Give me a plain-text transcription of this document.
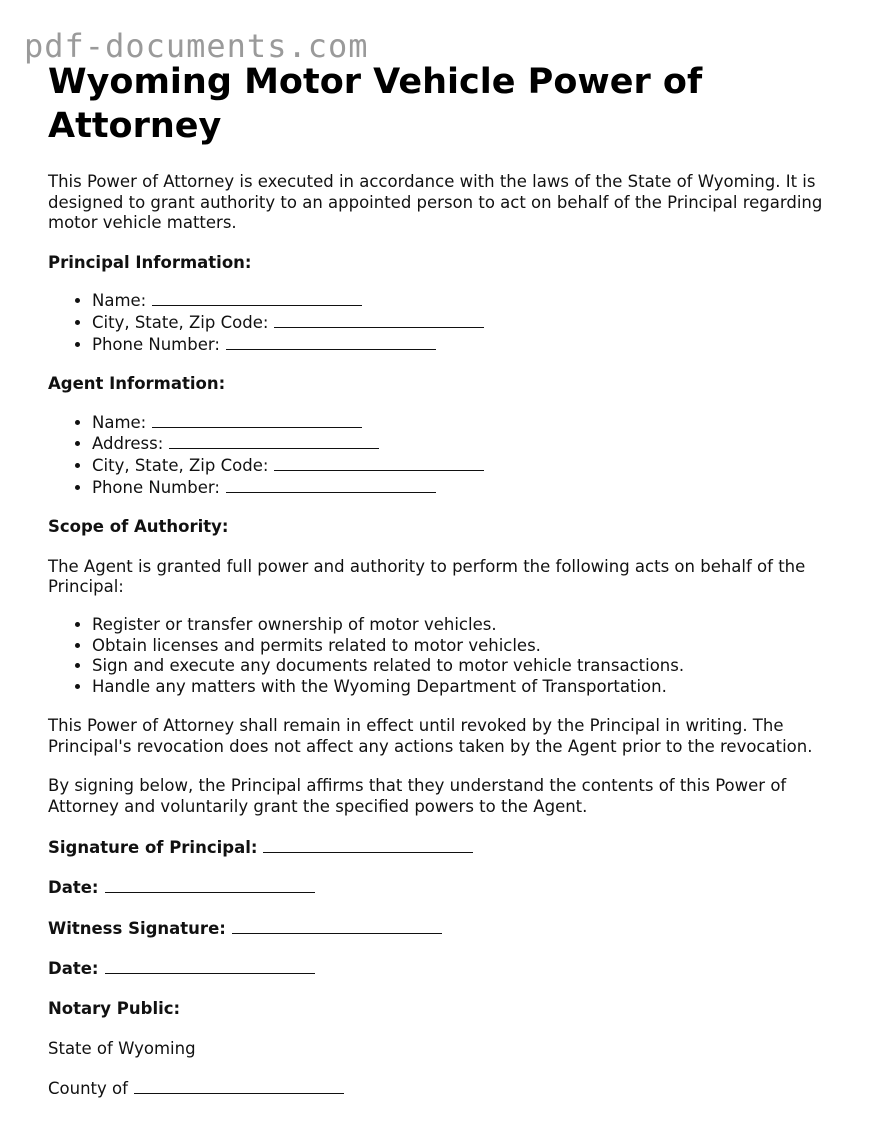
pdf-documents.com
Wyoming Motor Vehicle Power of Attorney

This Power of Attorney is executed in accordance with the laws of the State of Wyoming. It is designed to grant authority to an appointed person to act on behalf of the Principal regarding motor vehicle matters.

Principal Information:

• Name:
• City, State, Zip Code:
• Phone Number:

Agent Information:

• Name:
• Address:
• City, State, Zip Code:
• Phone Number:

Scope of Authority:

The Agent is granted full power and authority to perform the following acts on behalf of the Principal:

• Register or transfer ownership of motor vehicles.
• Obtain licenses and permits related to motor vehicles.
• Sign and execute any documents related to motor vehicle transactions.
• Handle any matters with the Wyoming Department of Transportation.

This Power of Attorney shall remain in effect until revoked by the Principal in writing. The Principal's revocation does not affect any actions taken by the Agent prior to the revocation.

By signing below, the Principal affirms that they understand the contents of this Power of Attorney and voluntarily grant the specified powers to the Agent.

Signature of Principal:

Date:

Witness Signature:

Date:

Notary Public:

State of Wyoming

County of
